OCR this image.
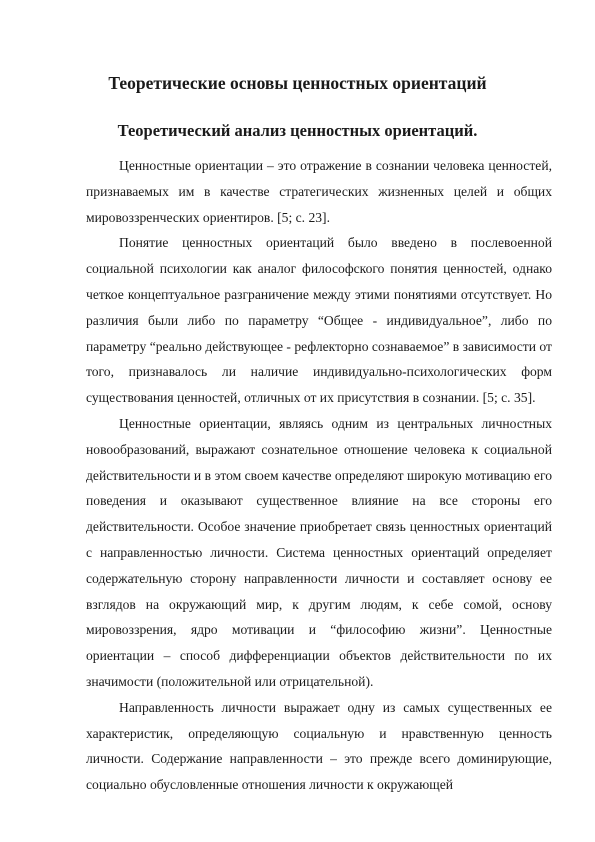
Теоретические основы ценностных ориентаций
Теоретический анализ ценностных ориентаций.

Ценностные ориентации – это отражение в сознании человека ценностей, признаваемых им в качестве стратегических жизненных целей и общих мировоззренческих ориентиров. [5; с. 23].

Понятие ценностных ориентаций было введено в послевоенной социальной психологии как аналог философского понятия ценностей, однако четкое концептуальное разграничение между этими понятиями отсутствует. Но различия были либо по параметру “Общее - индивидуальное”, либо по параметру “реально действующее - рефлекторно сознаваемое” в зависимости от того, признавалось ли наличие индивидуально-психологических форм существования ценностей, отличных от их присутствия в сознании. [5; с. 35].

Ценностные ориентации, являясь одним из центральных личностных новообразований, выражают сознательное отношение человека к социальной действительности и в этом своем качестве определяют широкую мотивацию его поведения и оказывают существенное влияние на все стороны его действительности. Особое значение приобретает связь ценностных ориентаций с направленностью личности. Система ценностных ориентаций определяет содержательную сторону направленности личности и составляет основу ее взглядов на окружающий мир, к другим людям, к себе сомой, основу мировоззрения, ядро мотивации и “философию жизни”. Ценностные ориентации – способ дифференциации объектов действительности по их значимости (положительной или отрицательной).

Направленность личности выражает одну из самых существенных ее характеристик, определяющую социальную и нравственную ценность личности. Содержание направленности – это прежде всего доминирующие, социально обусловленные отношения личности к окружающей
